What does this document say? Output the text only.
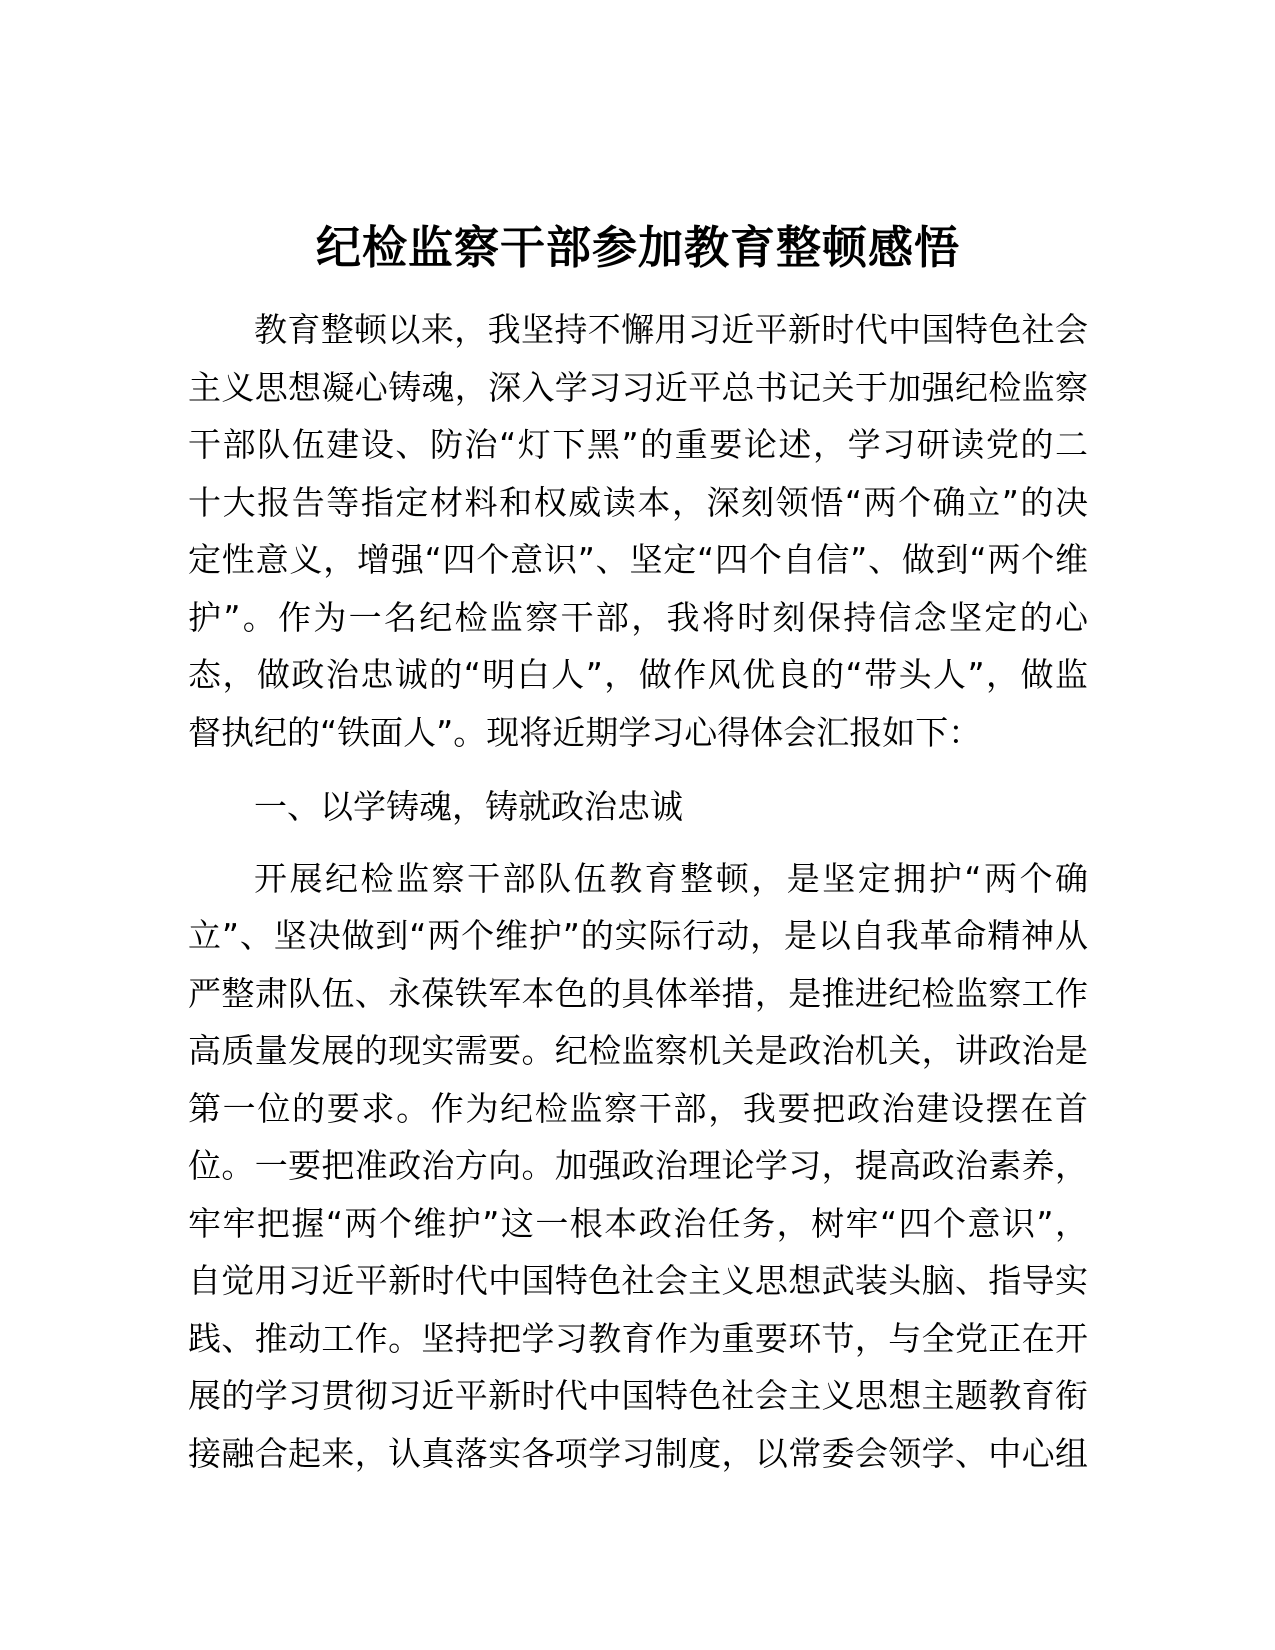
纪检监察干部参加教育整顿感悟
教育整顿以来，我坚持不懈用习近平新时代中国特色社会
主义思想凝心铸魂，深入学习习近平总书记关于加强纪检监察
干部队伍建设、防治“灯下黑”的重要论述，学习研读党的二
十大报告等指定材料和权威读本，深刻领悟“两个确立”的决
定性意义，增强“四个意识”、坚定“四个自信”、做到“两个维
护”。作为一名纪检监察干部，我将时刻保持信念坚定的心
态，做政治忠诚的“明白人”，做作风优良的“带头人”，做监
督执纪的“铁面人”。现将近期学习心得体会汇报如下：
一、以学铸魂，铸就政治忠诚
开展纪检监察干部队伍教育整顿，是坚定拥护“两个确
立”、坚决做到“两个维护”的实际行动，是以自我革命精神从
严整肃队伍、永葆铁军本色的具体举措，是推进纪检监察工作
高质量发展的现实需要。纪检监察机关是政治机关，讲政治是
第一位的要求。作为纪检监察干部，我要把政治建设摆在首
位。一要把准政治方向。加强政治理论学习，提高政治素养，
牢牢把握“两个维护”这一根本政治任务，树牢“四个意识”，
自觉用习近平新时代中国特色社会主义思想武装头脑、指导实
践、推动工作。坚持把学习教育作为重要环节，与全党正在开
展的学习贯彻习近平新时代中国特色社会主义思想主题教育衔
接融合起来，认真落实各项学习制度，以常委会领学、中心组
